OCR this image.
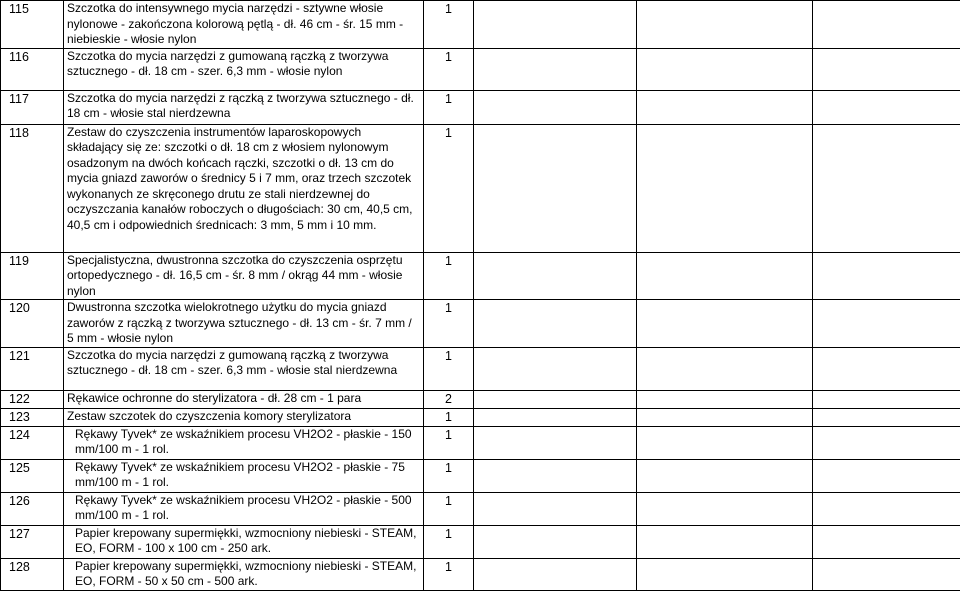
115	Szczotka do intensywnego mycia narzędzi - sztywne włosie nylonowe - zakończona kolorową pętlą - dł. 46 cm - śr. 15 mm - niebieskie - włosie nylon	1			
116	Szczotka do mycia narzędzi z gumowaną rączką z tworzywa sztucznego - dł. 18 cm - szer. 6,3 mm - włosie nylon	1			
117	Szczotka do mycia narzędzi z rączką z tworzywa sztucznego - dł. 18 cm - włosie stal nierdzewna	1			
118	Zestaw do czyszczenia instrumentów laparoskopowych składający się ze: szczotki o dł. 18 cm z włosiem nylonowym osadzonym na dwóch końcach rączki, szczotki o dł. 13 cm do mycia gniazd zaworów o średnicy 5 i 7 mm, oraz trzech szczotek wykonanych ze skręconego drutu ze stali nierdzewnej do oczyszczania kanałów roboczych o długościach: 30 cm, 40,5 cm, 40,5 cm i odpowiednich średnicach: 3 mm, 5 mm i 10 mm.	1			
119	Specjalistyczna, dwustronna szczotka do czyszczenia osprzętu ortopedycznego - dł. 16,5 cm - śr. 8 mm / okrąg 44 mm - włosie nylon	1			
120	Dwustronna szczotka wielokrotnego użytku do mycia gniazd zaworów z rączką z tworzywa sztucznego - dł. 13 cm - śr. 7 mm / 5 mm - włosie nylon	1			
121	Szczotka do mycia narzędzi z gumowaną rączką z tworzywa sztucznego - dł. 18 cm - szer. 6,3 mm - włosie stal nierdzewna	1			
122	Rękawice ochronne do sterylizatora - dł. 28 cm - 1 para	2			
123	Zestaw szczotek do czyszczenia komory sterylizatora	1			
124	Rękawy Tyvek* ze wskaźnikiem procesu VH2O2 - płaskie - 150 mm/100 m - 1 rol.	1			
125	Rękawy Tyvek* ze wskaźnikiem procesu VH2O2 - płaskie - 75 mm/100 m - 1 rol.	1			
126	Rękawy Tyvek* ze wskaźnikiem procesu VH2O2 - płaskie - 500 mm/100 m - 1 rol.	1			
127	Papier krepowany supermiękki, wzmocniony niebieski - STEAM, EO, FORM - 100 x 100 cm - 250 ark.	1			
128	Papier krepowany supermiękki, wzmocniony niebieski - STEAM, EO, FORM - 50 x 50 cm - 500 ark.	1			
